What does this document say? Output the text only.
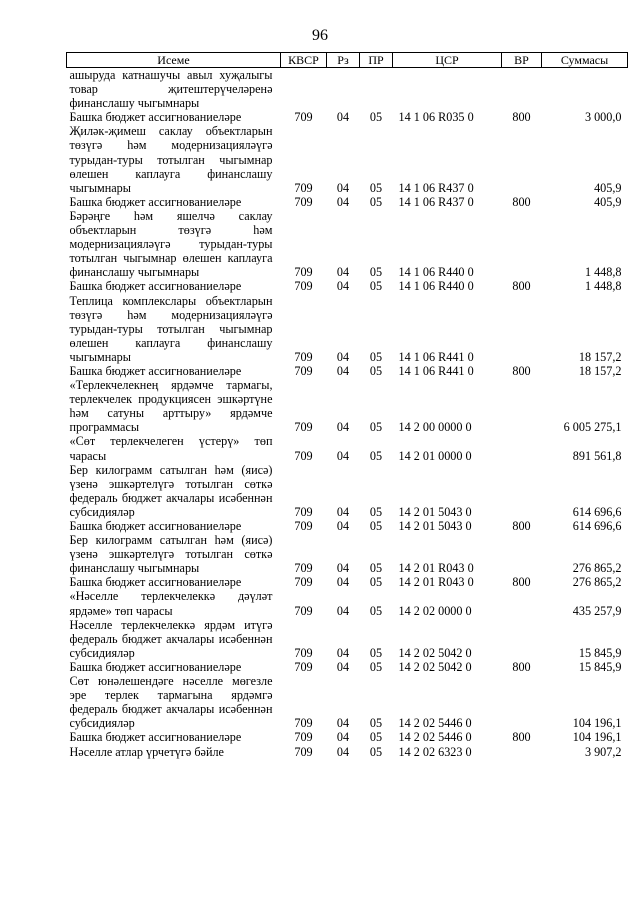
96
Исеме	КВСР	Рз	ПР	ЦСР	ВР	Суммасы
ашыруда катнашучы авыл хуҗалыгы товар җитештерүчеләренә финанслашу чыгымнары						
Башка бюджет ассигнованиеләре	709	04	05	14 1 06 R035 0	800	3 000,0
Җиләк-җимеш саклау объектларын төзүгә һәм модернизацияләүгә турыдан-туры тотылган чыгымнар өлешен каплауга финанслашу чыгымнары	709	04	05	14 1 06 R437 0		405,9
Башка бюджет ассигнованиеләре	709	04	05	14 1 06 R437 0	800	405,9
Бәрәңге һәм яшелчә саклау объектларын төзүгә һәм модернизацияләүгә турыдан-туры тотылган чыгымнар өлешен каплауга финанслашу чыгымнары	709	04	05	14 1 06 R440 0		1 448,8
Башка бюджет ассигнованиеләре	709	04	05	14 1 06 R440 0	800	1 448,8
Теплица комплекслары объектларын төзүгә һәм модернизацияләүгә турыдан-туры тотылган чыгымнар өлешен каплауга финанслашу чыгымнары	709	04	05	14 1 06 R441 0		18 157,2
Башка бюджет ассигнованиеләре	709	04	05	14 1 06 R441 0	800	18 157,2
«Терлекчелекнең ярдәмче тармагы, терлекчелек продукциясен эшкәртүне һәм сатуны арттыру» ярдәмче программасы	709	04	05	14 2 00 0000 0		6 005 275,1
«Сөт терлекчелеген үстерү» төп чарасы	709	04	05	14 2 01 0000 0		891 561,8
Бер килограмм сатылган һәм (яисә) үзенә эшкәртелүгә тотылган сөткә федераль бюджет акчалары исәбеннән субсидияләр	709	04	05	14 2 01 5043 0		614 696,6
Башка бюджет ассигнованиеләре	709	04	05	14 2 01 5043 0	800	614 696,6
Бер килограмм сатылган һәм (яисә) үзенә эшкәртелүгә тотылган сөткә финанслашу чыгымнары	709	04	05	14 2 01 R043 0		276 865,2
Башка бюджет ассигнованиеләре	709	04	05	14 2 01 R043 0	800	276 865,2
«Нәселле терлекчелеккә дәүләт ярдәме» төп чарасы	709	04	05	14 2 02 0000 0		435 257,9
Нәселле терлекчелеккә ярдәм итүгә федераль бюджет акчалары исәбеннән субсидияләр	709	04	05	14 2 02 5042 0		15 845,9
Башка бюджет ассигнованиеләре	709	04	05	14 2 02 5042 0	800	15 845,9
Сөт юнәлешендәге нәселле мөгезле эре терлек тармагына ярдәмгә федераль бюджет акчалары исәбеннән субсидияләр	709	04	05	14 2 02 5446 0		104 196,1
Башка бюджет ассигнованиеләре	709	04	05	14 2 02 5446 0	800	104 196,1
Нәселле атлар үрчетүгә бәйле	709	04	05	14 2 02 6323 0		3 907,2
